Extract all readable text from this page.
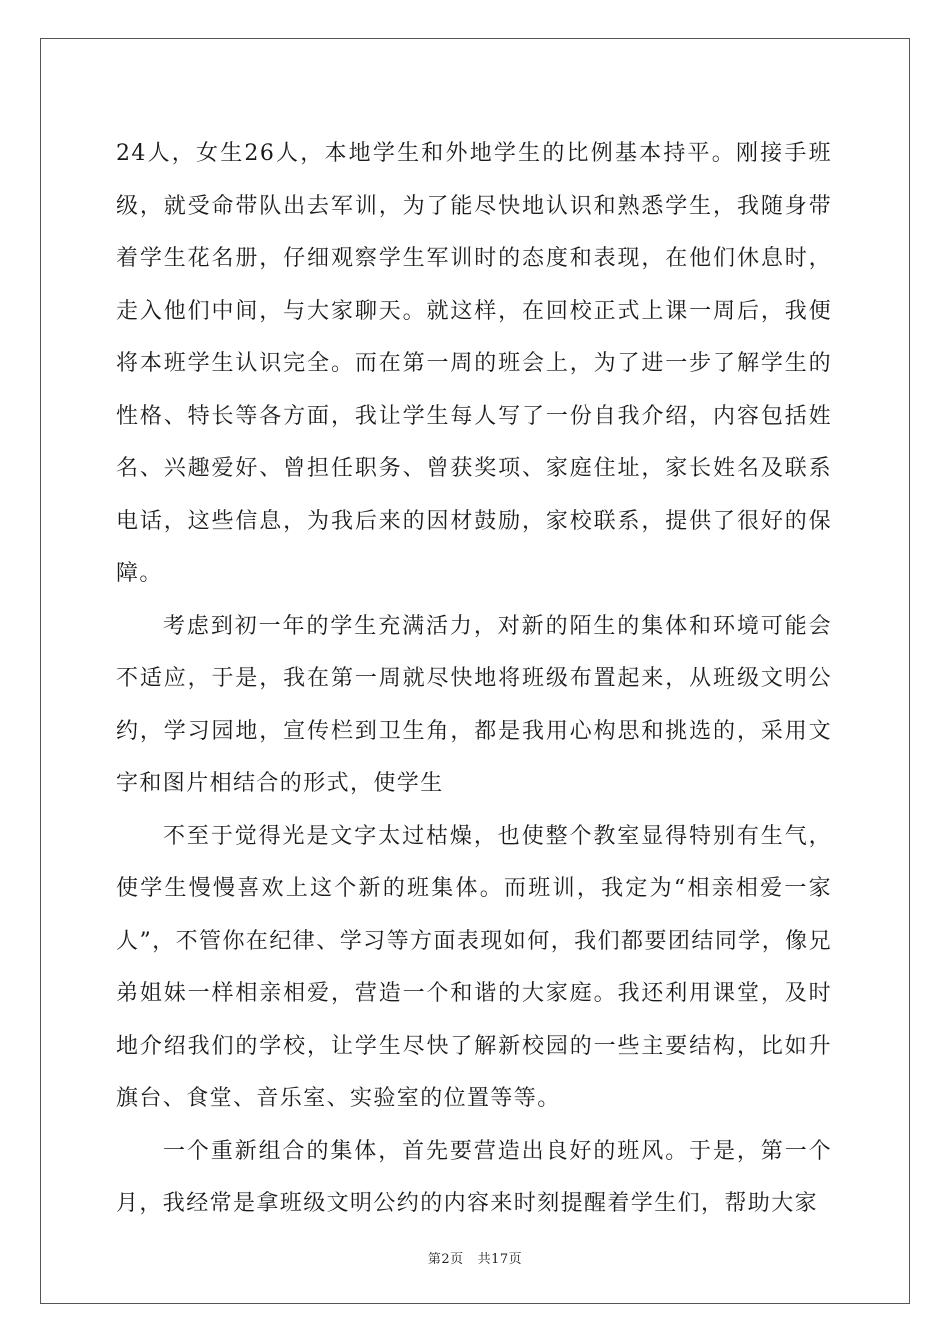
24人，女生26人，本地学生和外地学生的比例基本持平。刚接手班级，就受命带队出去军训，为了能尽快地认识和熟悉学生，我随身带着学生花名册，仔细观察学生军训时的态度和表现，在他们休息时，走入他们中间，与大家聊天。就这样，在回校正式上课一周后，我便将本班学生认识完全。而在第一周的班会上，为了进一步了解学生的性格、特长等各方面，我让学生每人写了一份自我介绍，内容包括姓名、兴趣爱好、曾担任职务、曾获奖项、家庭住址，家长姓名及联系电话，这些信息，为我后来的因材鼓励，家校联系，提供了很好的保障。

考虑到初一年的学生充满活力，对新的陌生的集体和环境可能会不适应，于是，我在第一周就尽快地将班级布置起来，从班级文明公约，学习园地，宣传栏到卫生角，都是我用心构思和挑选的，采用文字和图片相结合的形式，使学生

不至于觉得光是文字太过枯燥，也使整个教室显得特别有生气，使学生慢慢喜欢上这个新的班集体。而班训，我定为“相亲相爱一家人”，不管你在纪律、学习等方面表现如何，我们都要团结同学，像兄弟姐妹一样相亲相爱，营造一个和谐的大家庭。我还利用课堂，及时地介绍我们的学校，让学生尽快了解新校园的一些主要结构，比如升旗台、食堂、音乐室、实验室的位置等等。

一个重新组合的集体，首先要营造出良好的班风。于是，第一个月，我经常是拿班级文明公约的内容来时刻提醒着学生们，帮助大家

第2页 共17页
